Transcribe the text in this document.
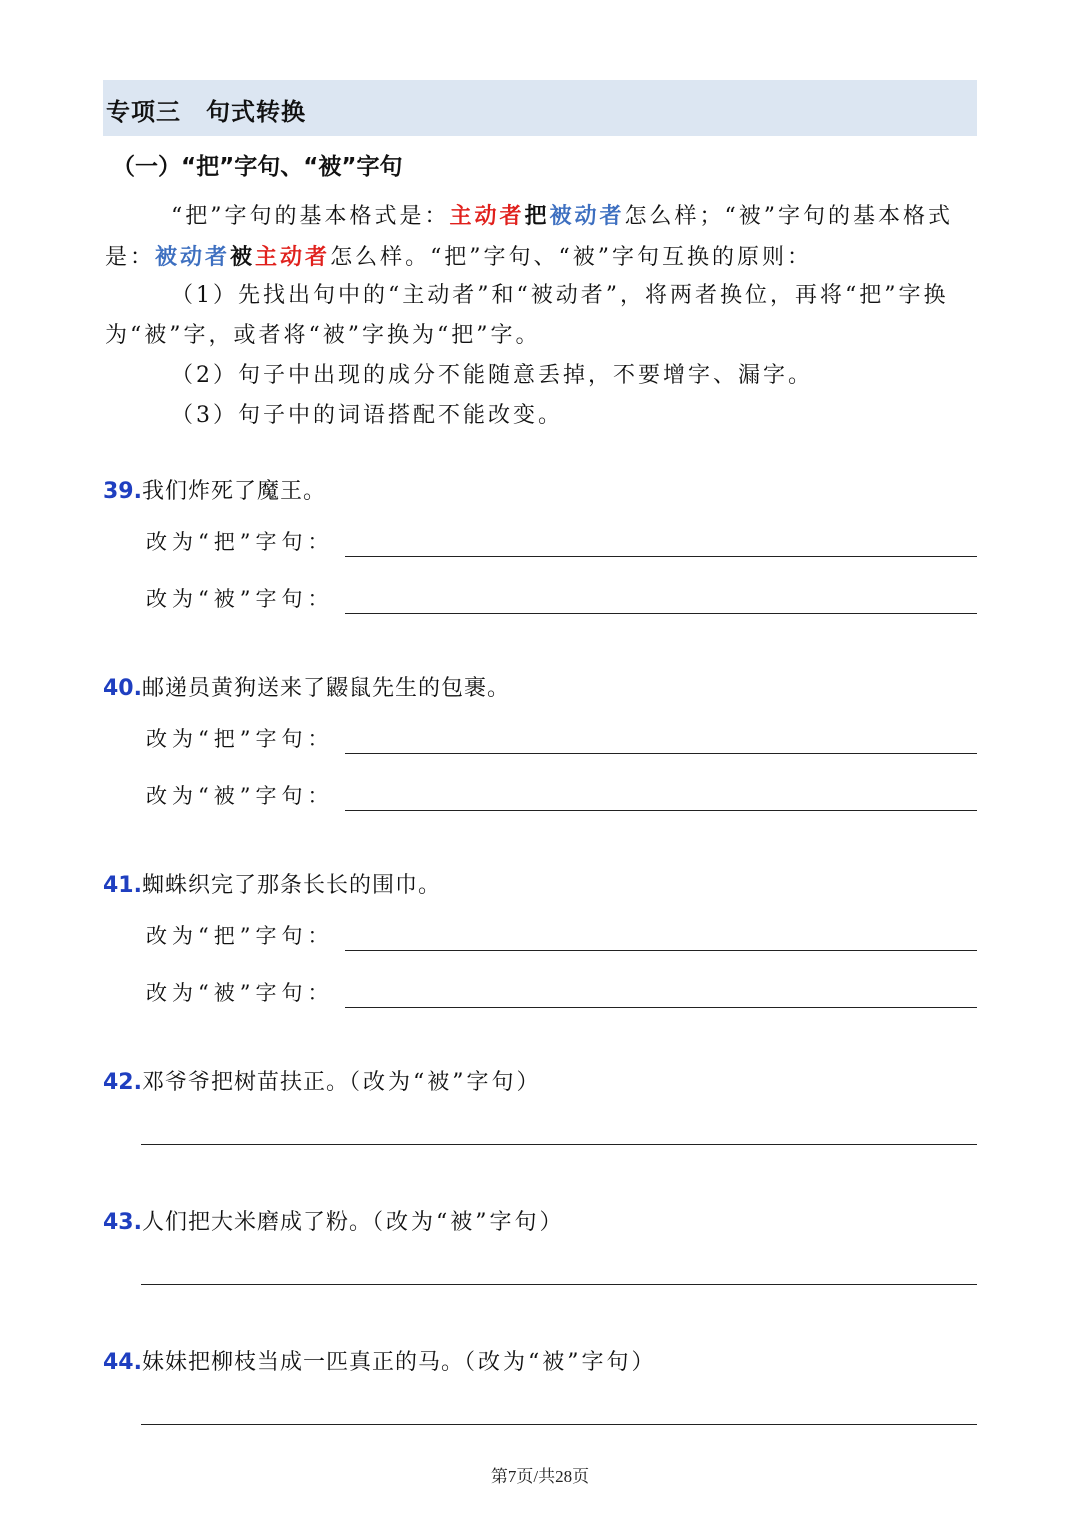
专项三　句式转换
（一）“把”字句、“被”字句

“把”字句的基本格式是：主动者把被动者怎么样；“被”字句的基本格式是：被动者被主动者怎么样。“把”字句、“被”字句互换的原则：

（1）先找出句中的“主动者”和“被动者”，将两者换位，再将“把”字换为“被”字，或者将“被”字换为“把”字。

（2）句子中出现的成分不能随意丢掉，不要增字、漏字。
（3）句子中的词语搭配不能改变。
39.我们炸死了魔王。
改为“把”字句：
改为“被”字句：
40.邮递员黄狗送来了鼹鼠先生的包裹。
改为“把”字句：
改为“被”字句：
41.蜘蛛织完了那条长长的围巾。
改为“把”字句：
改为“被”字句：
42.邓爷爷把树苗扶正。（改为“被”字句）
43.人们把大米磨成了粉。（改为“被”字句）
44.妹妹把柳枝当成一匹真正的马。（改为“被”字句）
第7页/共28页
